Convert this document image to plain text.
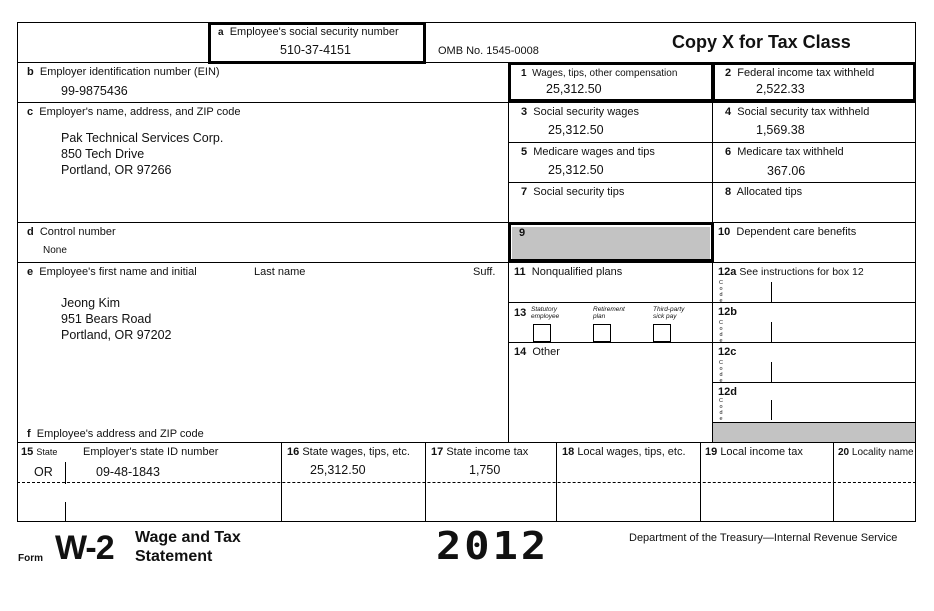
a Employee's social security number
510-37-4151	OMB No. 1545-0008	Copy X for Tax Class
b Employer identification number (EIN)
99-9875436
c Employer's name, address, and ZIP code
Pak Technical Services Corp.
850 Tech Drive
Portland, OR 97266
d Control number
None
e Employee's first name and initial	Last name	Suff.
Jeong Kim
951 Bears Road
Portland, OR 97202
f Employee's address and ZIP code
1 Wages, tips, other compensation
25,312.50
2 Federal income tax withheld
2,522.33
3 Social security wages
25,312.50
4 Social security tax withheld
1,569.38
5 Medicare wages and tips
25,312.50
6 Medicare tax withheld
367.06
7 Social security tips	8 Allocated tips
9	10 Dependent care benefits
11 Nonqualified plans	12a See instructions for box 12
C
o
d
e
12b
C
o
d
e
12c
C
o
d
e
12d
C
o
d
e
13 Statutory employee
Retirement plan
Third-party sick pay
14 Other
15 State Employer's state ID number	16 State wages, tips, etc. 17 State income tax	18 Local wages, tips, etc. 19 Local income tax	20 Locality name
OR	09-48-1843	25,312.50	1,750
Form W-2 Wage and Tax
Statement	2012	Department of the Treasury—Internal Revenue Service
